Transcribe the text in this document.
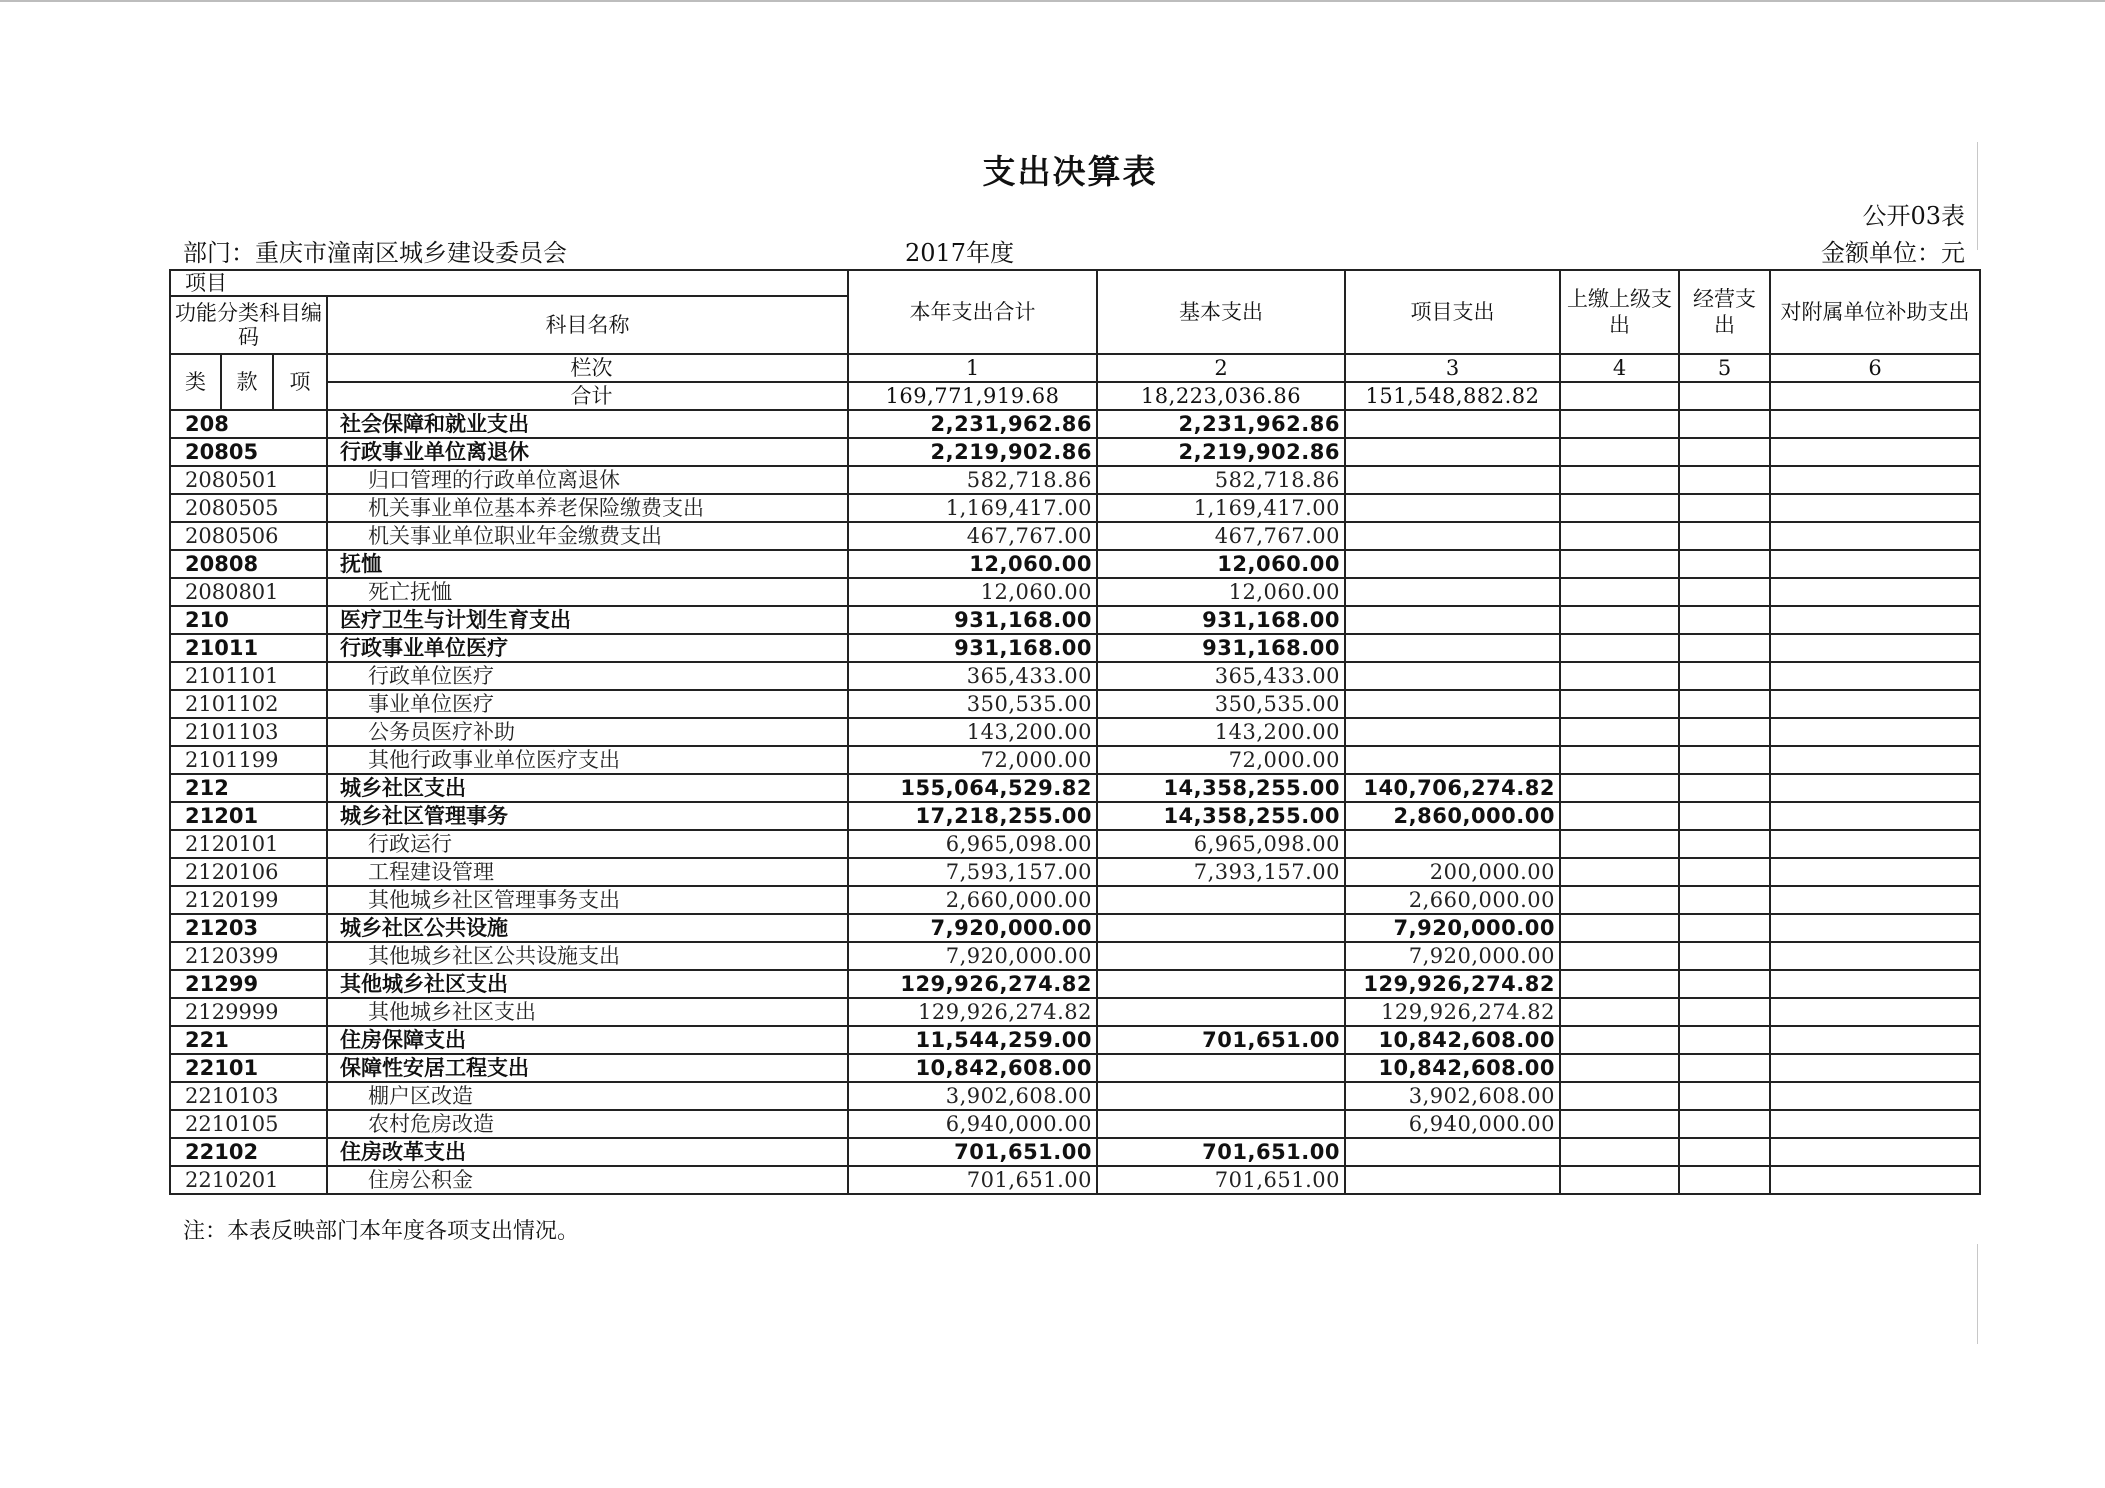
支出决算表
公开03表
部门：重庆市潼南区城乡建设委员会	2017年度	金额单位：元
项目				本年支出合计	基本支出	项目支出	上缴上级支出	经营支出	对附属单位补助支出
功能分类科目编码			科目名称						
类	款	项	栏次	1	2	3	4	5	6
			合计	169,771,919.68	18,223,036.86	151,548,882.82			
208			社会保障和就业支出	2,231,962.86	2,231,962.86				
20805			行政事业单位离退休	2,219,902.86	2,219,902.86				
2080501			归口管理的行政单位离退休	582,718.86	582,718.86				
2080505			机关事业单位基本养老保险缴费支出	1,169,417.00	1,169,417.00				
2080506			机关事业单位职业年金缴费支出	467,767.00	467,767.00				
20808			抚恤	12,060.00	12,060.00				
2080801			死亡抚恤	12,060.00	12,060.00				
210			医疗卫生与计划生育支出	931,168.00	931,168.00				
21011			行政事业单位医疗	931,168.00	931,168.00				
2101101			行政单位医疗	365,433.00	365,433.00				
2101102			事业单位医疗	350,535.00	350,535.00				
2101103			公务员医疗补助	143,200.00	143,200.00				
2101199			其他行政事业单位医疗支出	72,000.00	72,000.00				
212			城乡社区支出	155,064,529.82	14,358,255.00	140,706,274.82			
21201			城乡社区管理事务	17,218,255.00	14,358,255.00	2,860,000.00			
2120101			行政运行	6,965,098.00	6,965,098.00				
2120106			工程建设管理	7,593,157.00	7,393,157.00	200,000.00			
2120199			其他城乡社区管理事务支出	2,660,000.00		2,660,000.00			
21203			城乡社区公共设施	7,920,000.00		7,920,000.00			
2120399			其他城乡社区公共设施支出	7,920,000.00		7,920,000.00			
21299			其他城乡社区支出	129,926,274.82		129,926,274.82			
2129999			其他城乡社区支出	129,926,274.82		129,926,274.82			
221			住房保障支出	11,544,259.00	701,651.00	10,842,608.00			
22101			保障性安居工程支出	10,842,608.00		10,842,608.00			
2210103			棚户区改造	3,902,608.00		3,902,608.00			
2210105			农村危房改造	6,940,000.00		6,940,000.00			
22102			住房改革支出	701,651.00	701,651.00				
2210201			住房公积金	701,651.00	701,651.00				
注：本表反映部门本年度各项支出情况。
